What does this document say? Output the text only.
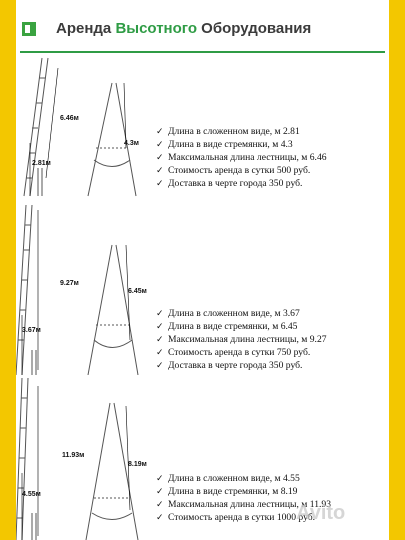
Аренда Высотного Оборудования
6.46м
2.81м
4.3м
✓ Длина в сложенном виде, м 2.81
✓ Длина в виде стремянки, м 4.3
✓ Максимальная длина лестницы, м 6.46
✓ Стоимость аренда в сутки 500 руб.
✓ Доставка в черте города 350 руб.
9.27м
3.67м
6.45м
✓ Длина в сложенном виде, м 3.67
✓ Длина в виде стремянки, м 6.45
✓ Максимальная длина лестницы, м 9.27
✓ Стоимость аренда в сутки 750 руб.
✓ Доставка в черте города 350 руб.
11.93м
4.55м
8.19м
✓ Длина в сложенном виде, м 4.55
✓ Длина в виде стремянки, м 8.19
✓ Максимальная длина лестницы, м 11.93
✓ Стоимость аренда в сутки 1000 руб.
Avito
